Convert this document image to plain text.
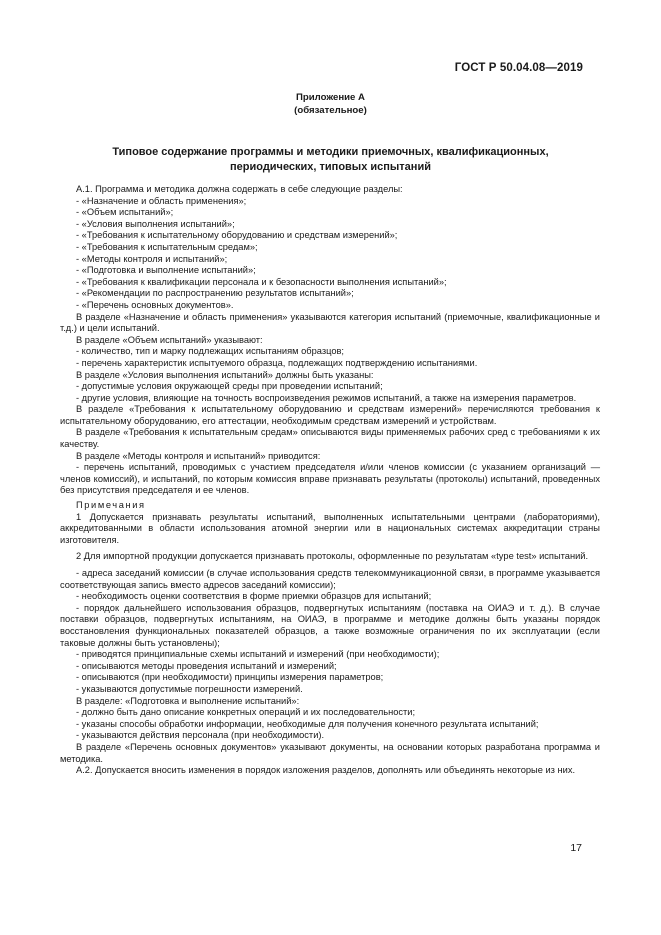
ГОСТ Р 50.04.08—2019
Приложение А
(обязательное)
Типовое содержание программы и методики приемочных, квалификационных,
периодических, типовых испытаний

А.1. Программа и методика должна содержать в себе следующие разделы:

- «Назначение и область применения»;

- «Объем испытаний»;

- «Условия выполнения испытаний»;

- «Требования к испытательному оборудованию и средствам измерений»;

- «Требования к испытательным средам»;

- «Методы контроля и испытаний»;

- «Подготовка и выполнение испытаний»;

- «Требования к квалификации персонала и к безопасности выполнения испытаний»;

- «Рекомендации по распространению результатов испытаний»;

- «Перечень основных документов».

В разделе «Назначение и область применения» указываются категория испытаний (приемочные, квалификационные и т.д.) и цели испытаний.

В разделе «Объем испытаний» указывают:

- количество, тип и марку подлежащих испытаниям образцов;

- перечень характеристик испытуемого образца, подлежащих подтверждению испытаниями.

В разделе «Условия выполнения испытаний» должны быть указаны:

- допустимые условия окружающей среды при проведении испытаний;

- другие условия, влияющие на точность воспроизведения режимов испытаний, а также на измерения параметров.

В разделе «Требования к испытательному оборудованию и средствам измерений» перечисляются требования к испытательному оборудованию, его аттестации, необходимым средствам измерений и устройствам.

В разделе «Требования к испытательным средам» описываются виды применяемых рабочих сред с требованиями к их качеству.

В разделе «Методы контроля и испытаний» приводится:

- перечень испытаний, проводимых с участием председателя и/или членов комиссии (с указанием организаций — членов комиссий), и испытаний, по которым комиссия вправе признавать результаты (протоколы) испытаний, проведенных без присутствия председателя и ее членов.

Примечания

1 Допускается признавать результаты испытаний, выполненных испытательными центрами (лабораториями), аккредитованными в области использования атомной энергии или в национальных системах аккредитации страны изготовителя.

2 Для импортной продукции допускается признавать протоколы, оформленные по результатам «type test» испытаний.

- адреса заседаний комиссии (в случае использования средств телекоммуникационной связи, в программе указывается соответствующая запись вместо адресов заседаний комиссии);

- необходимость оценки соответствия в форме приемки образцов для испытаний;

- порядок дальнейшего использования образцов, подвергнутых испытаниям (поставка на ОИАЭ и т. д.). В случае поставки образцов, подвергнутых испытаниям, на ОИАЭ, в программе и методике должны быть указаны порядок восстановления функциональных показателей образцов, а также возможные ограничения по их эксплуатации (если таковые должны быть установлены);

- приводятся принципиальные схемы испытаний и измерений (при необходимости);

- описываются методы проведения испытаний и измерений;

- описываются (при необходимости) принципы измерения параметров;

- указываются допустимые погрешности измерений.

В разделе: «Подготовка и выполнение испытаний»:

- должно быть дано описание конкретных операций и их последовательности;

- указаны способы обработки информации, необходимые для получения конечного результата испытаний;

- указываются действия персонала (при необходимости).

В разделе «Перечень основных документов» указывают документы, на основании которых разработана программа и методика.

А.2. Допускается вносить изменения в порядок изложения разделов, дополнять или объединять некоторые из них.

17
